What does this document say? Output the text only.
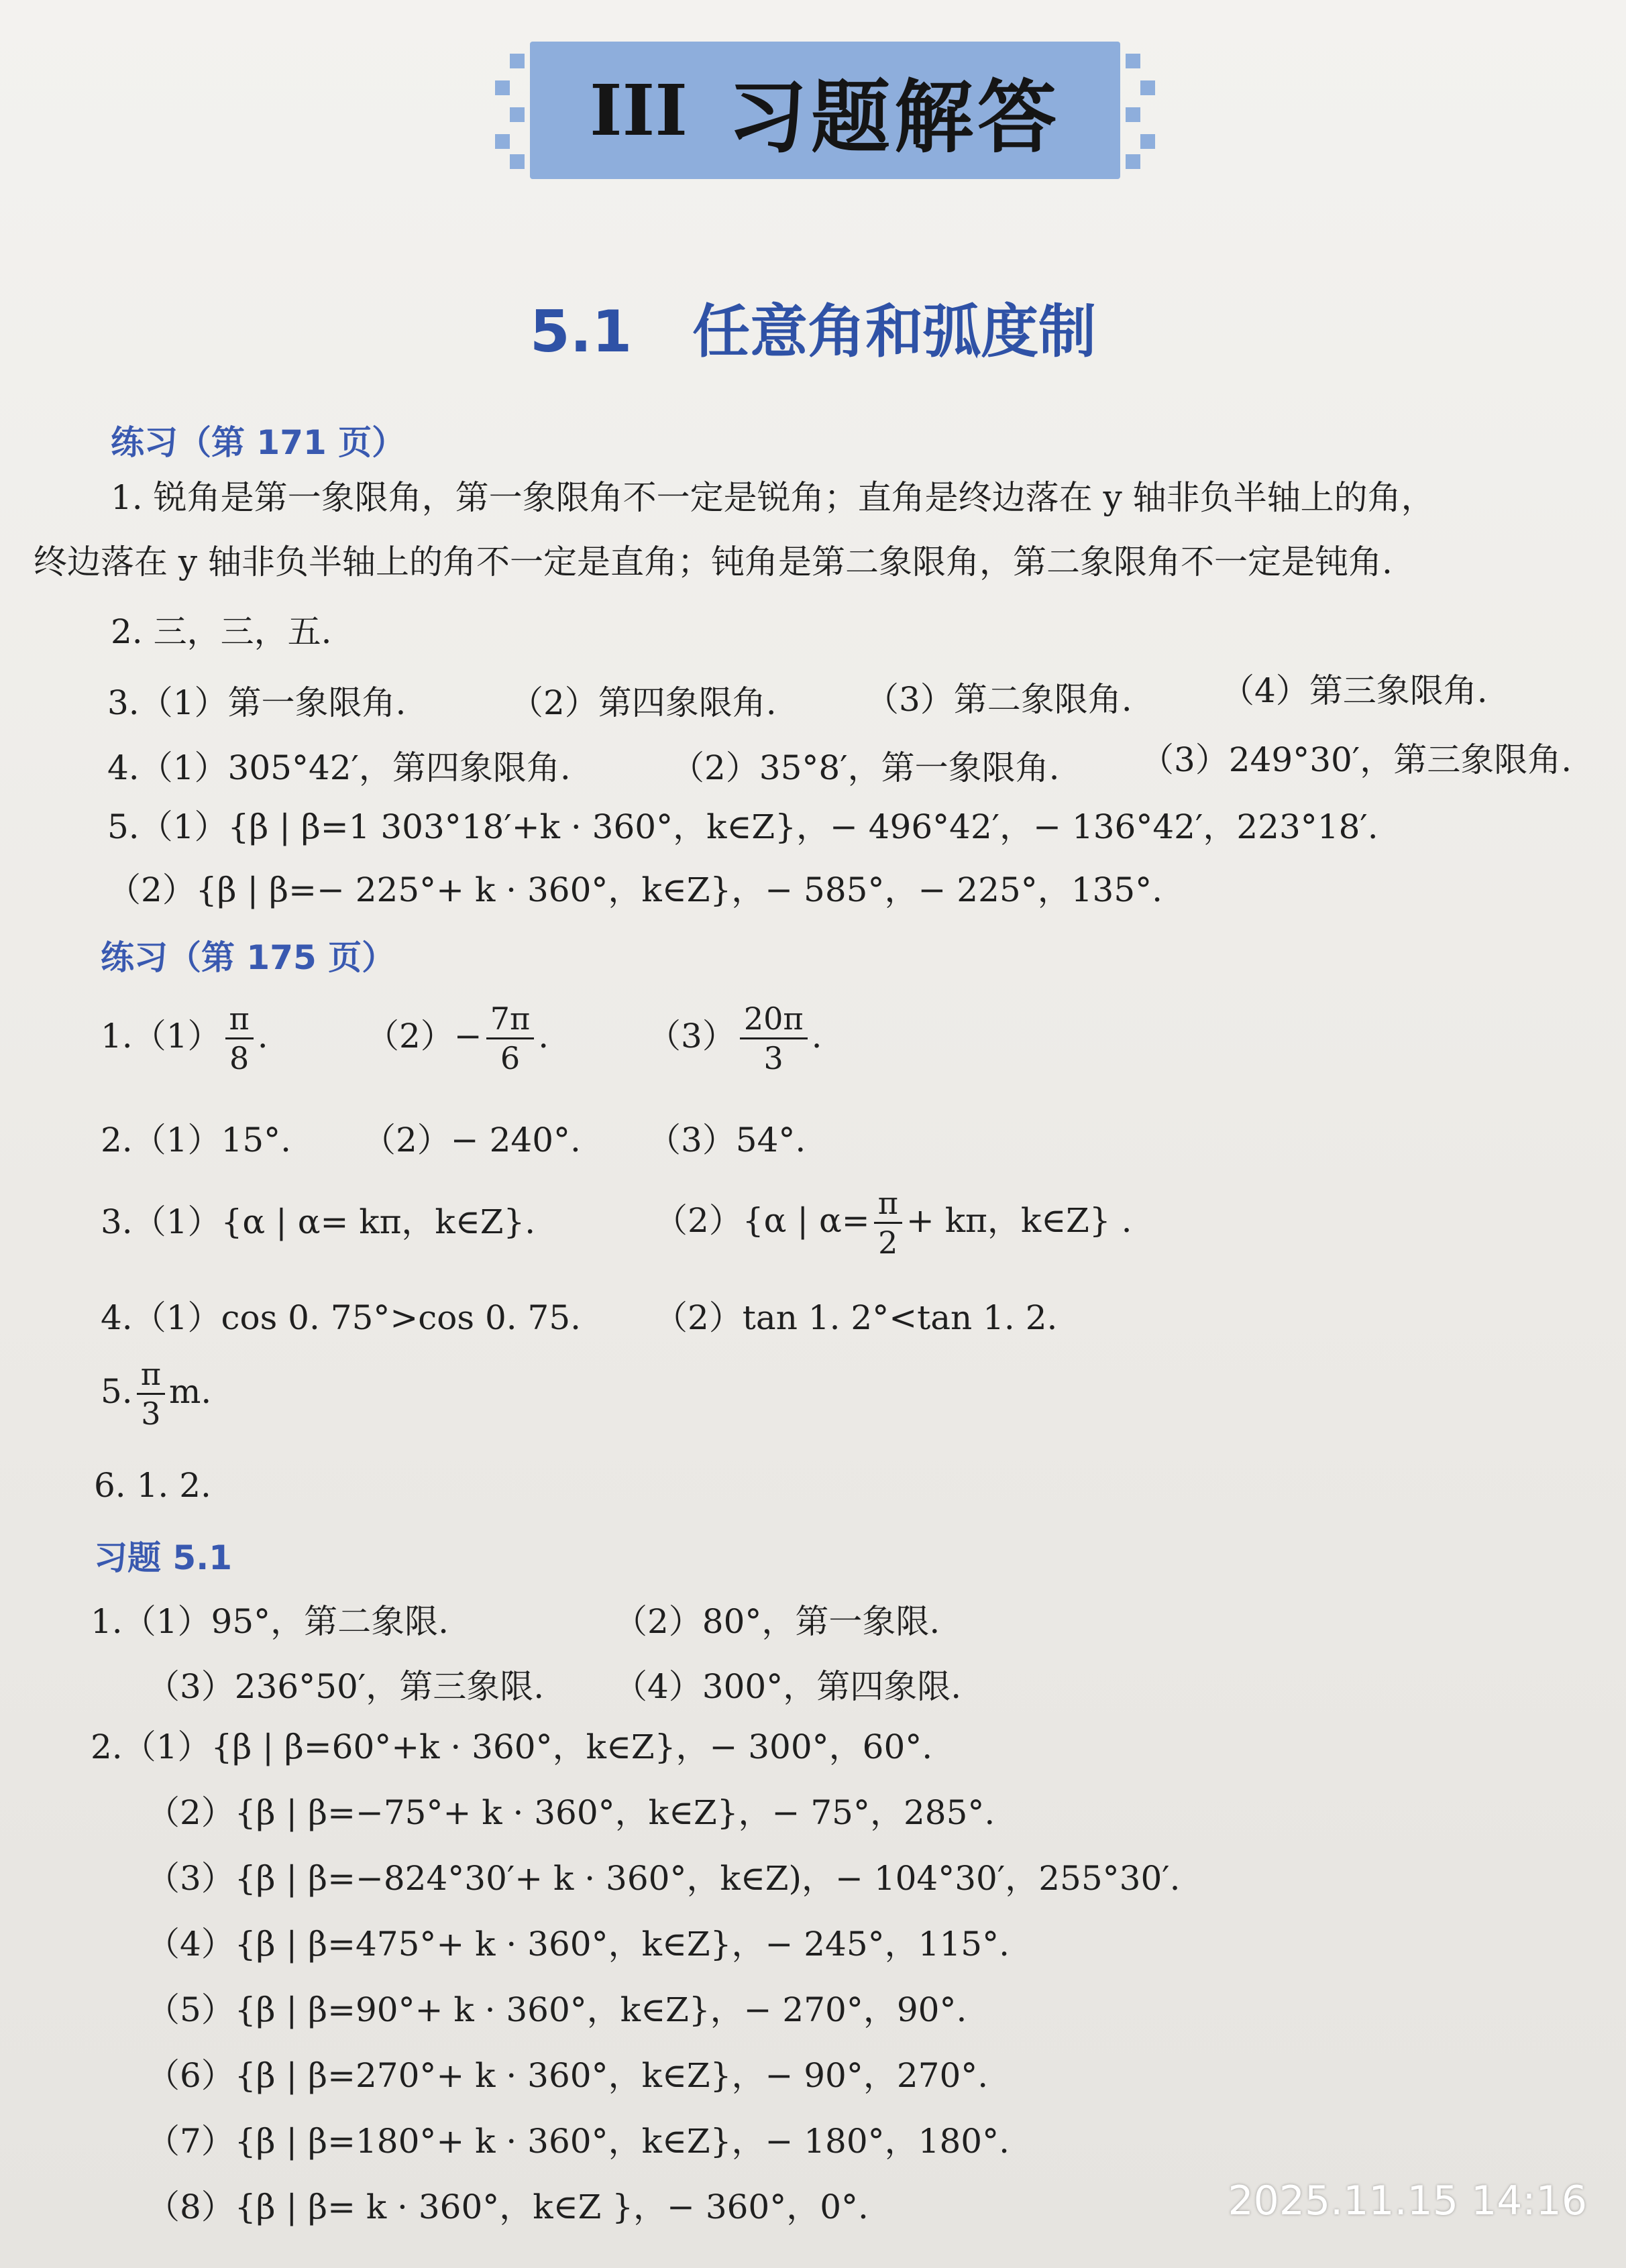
III 习题解答
5.1 任意角和弧度制
练习（第 171 页）
1. 锐角是第一象限角，第一象限角不一定是锐角；直角是终边落在 y 轴非负半轴上的角，
终边落在 y 轴非负半轴上的角不一定是直角；钝角是第二象限角，第二象限角不一定是钝角.
2. 三，三，五.
3.（1）第一象限角.	（2）第四象限角.	（3）第二象限角.	（4）第三象限角.
4.（1）305°42′，第四象限角.	（2）35°8′，第一象限角. （3）249°30′，第三象限角.
5.（1）{β | β=1 303°18′+k · 360°，k∈Z}，− 496°42′，− 136°42′，223°18′.
（2）{β | β=− 225°+ k · 360°，k∈Z}，− 585°，− 225°，135°.
练习（第 175 页）
$1.(1) \frac{\pi}{8}$ .	$(2)- \frac{7\pi}{6}$ .	$(3) \frac{20\pi}{3}$ .
2.（1）15°. （2）− 240°. （3）54°.
3.（1）{α | α= kπ，k∈Z}.	（2）{α | $\alpha= \frac{\pi}{2} + k\pi$，k∈Z} .
4.（1）cos 0. 75°>cos 0. 75. （2）tan 1. 2°<tan 1. 2.
5. $\frac{\pi}{3} m$.
6. 1. 2.
习题 5.1
1.（1）95°，第二象限.	（2）80°，第一象限.
（3）236°50′，第三象限. （4）300°，第四象限.
2.（1）{β | β=60°+k · 360°，k∈Z}，− 300°，60°.
（2）{β | β=−75°+ k · 360°，k∈Z}，− 75°，285°.
（3）{β | β=−824°30′+ k · 360°，k∈Z)，− 104°30′，255°30′.
（4）{β | β=475°+ k · 360°，k∈Z}，− 245°，115°.
（5）{β | β=90°+ k · 360°，k∈Z}，− 270°，90°.
（6）{β | β=270°+ k · 360°，k∈Z}，− 90°，270°.
（7）{β | β=180°+ k · 360°，k∈Z}，− 180°，180°.
（8）{β | β= k · 360°，k∈Z }，− 360°，0°.	2025.11.15 14:16
